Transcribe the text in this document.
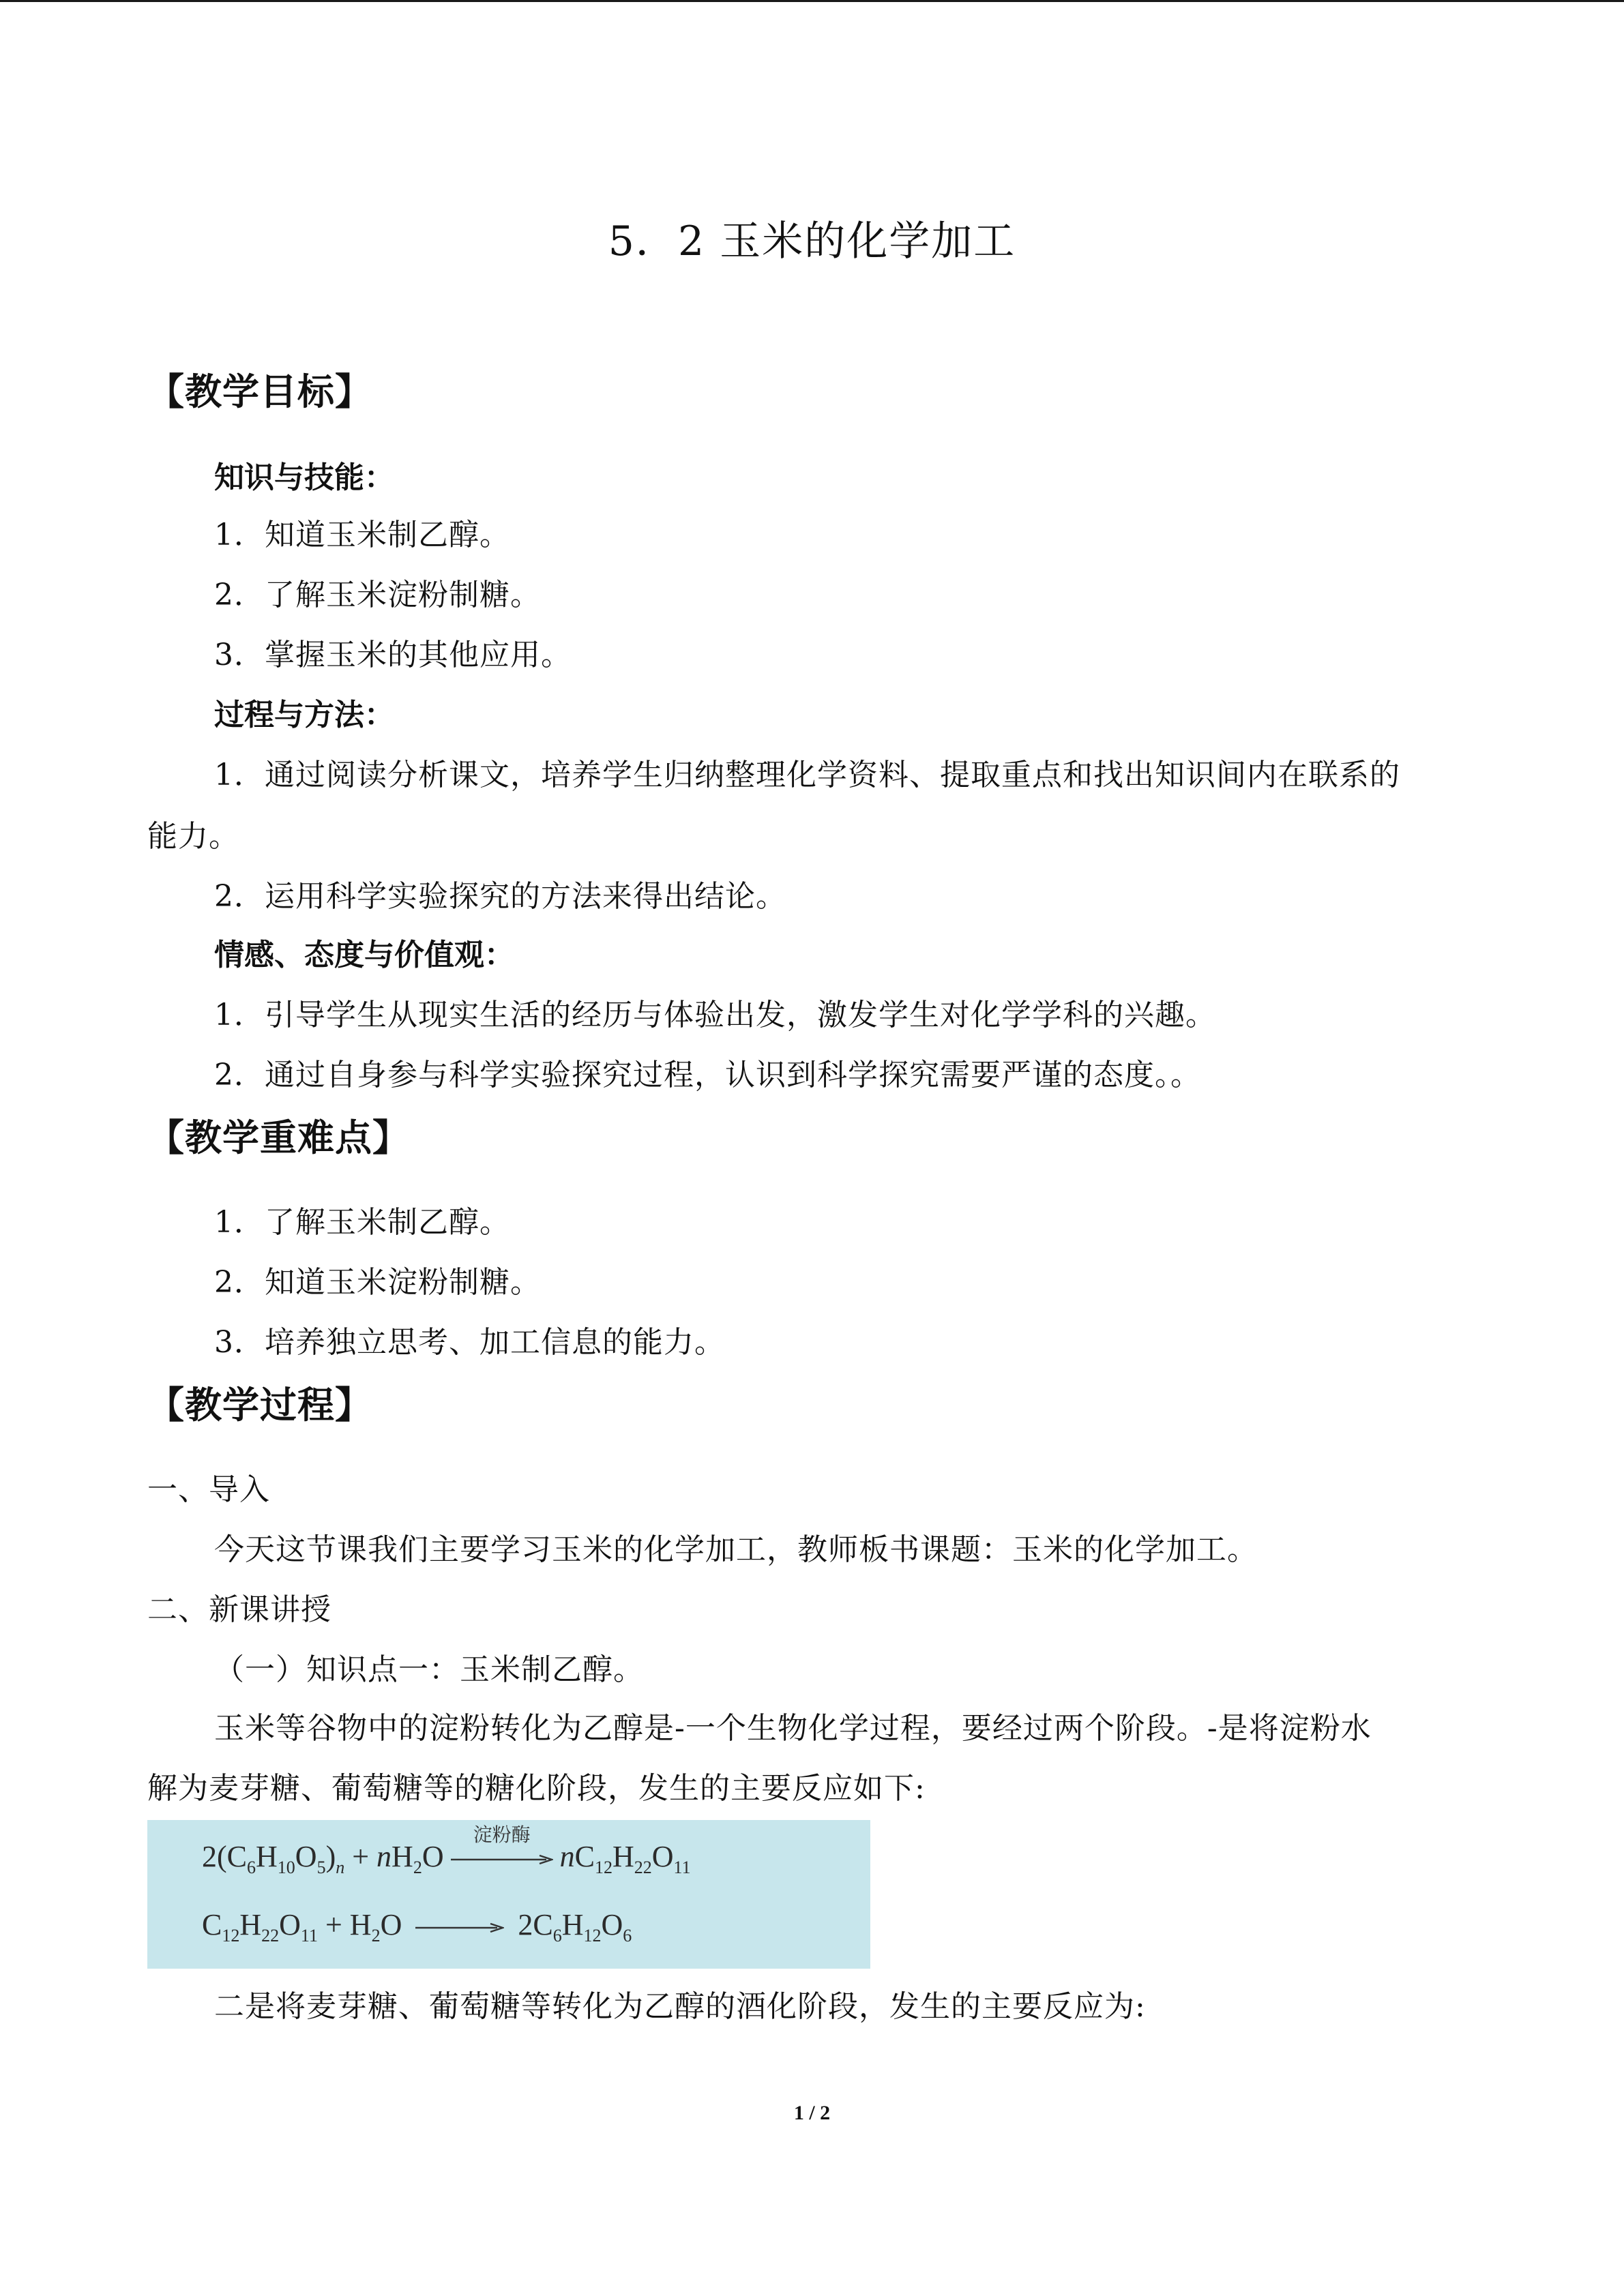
5．2 玉米的化学加工
【教学目标】
知识与技能：
1．知道玉米制乙醇。
2．了解玉米淀粉制糖。
3．掌握玉米的其他应用。
过程与方法：
1．通过阅读分析课文，培养学生归纳整理化学资料、提取重点和找出知识间内在联系的
能力。
2．运用科学实验探究的方法来得出结论。
情感、态度与价值观：
1．引导学生从现实生活的经历与体验出发，激发学生对化学学科的兴趣。
2．通过自身参与科学实验探究过程，认识到科学探究需要严谨的态度。。
【教学重难点】
1．了解玉米制乙醇。
2．知道玉米淀粉制糖。
3．培养独立思考、加工信息的能力。
【教学过程】
一、导入
今天这节课我们主要学习玉米的化学加工，教师板书课题：玉米的化学加工。
二、新课讲授
（一）知识点一：玉米制乙醇。
玉米等谷物中的淀粉转化为乙醇是-一个生物化学过程，要经过两个阶段。-是将淀粉水
解为麦芽糖、葡萄糖等的糖化阶段，发生的主要反应如下:
$2(C_6H_{10}O_5)_n + nH_2O$
淀粉酶
$nC_{12}H_{22}O_{11}$
$C_{12}H_{22}O_{11} + H_2O \to 2C_6H_{12}O_6$
二是将麦芽糖、葡萄糖等转化为乙醇的酒化阶段，发生的主要反应为:
1 / 2
